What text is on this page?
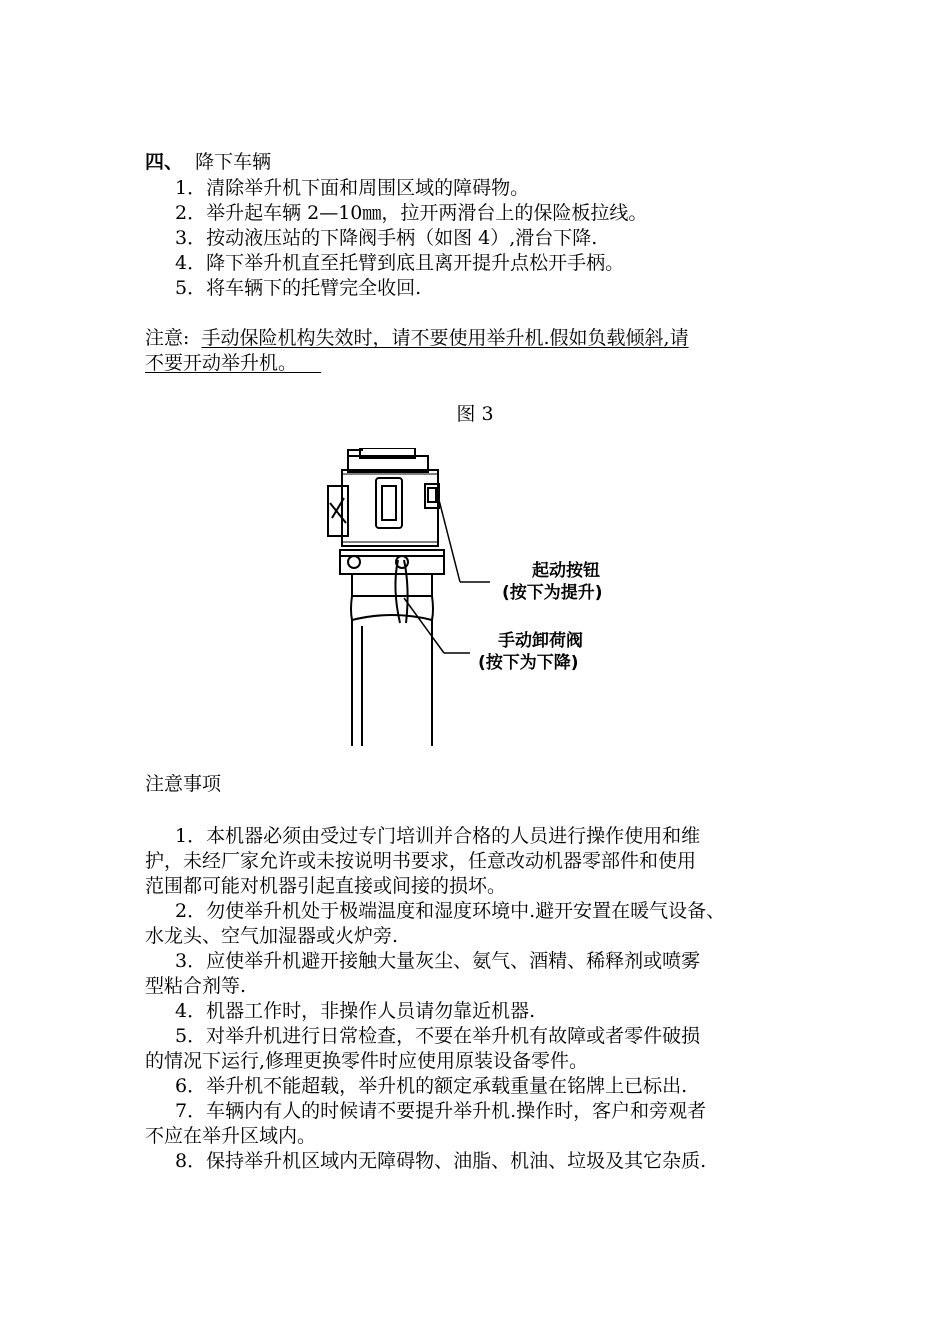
四、 降下车辆
1．清除举升机下面和周围区域的障碍物。
2．举升起车辆 2—10㎜，拉开两滑台上的保险板拉线。
3．按动液压站的下降阀手柄（如图 4）,滑台下降.
4．降下举升机直至托臂到底且离开提升点松开手柄。
5．将车辆下的托臂完全收回.
注意: 手动保险机构失效时，请不要使用举升机.假如负载倾斜,请
不要开动举升机。
图 3
起动按钮
(按下为提升)
手动卸荷阀
(按下为下降)
注意事项
1．本机器必须由受过专门培训并合格的人员进行操作使用和维
护，未经厂家允许或未按说明书要求，任意改动机器零部件和使用
范围都可能对机器引起直接或间接的损坏。
2．勿使举升机处于极端温度和湿度环境中.避开安置在暖气设备、
水龙头、空气加湿器或火炉旁.
3．应使举升机避开接触大量灰尘、氨气、酒精、稀释剂或喷雾
型粘合剂等.
4．机器工作时，非操作人员请勿靠近机器.
5．对举升机进行日常检查，不要在举升机有故障或者零件破损
的情况下运行,修理更换零件时应使用原装设备零件。
6．举升机不能超载，举升机的额定承载重量在铭牌上已标出.
7．车辆内有人的时候请不要提升举升机.操作时，客户和旁观者
不应在举升区域内。
8．保持举升机区域内无障碍物、油脂、机油、垃圾及其它杂质.
